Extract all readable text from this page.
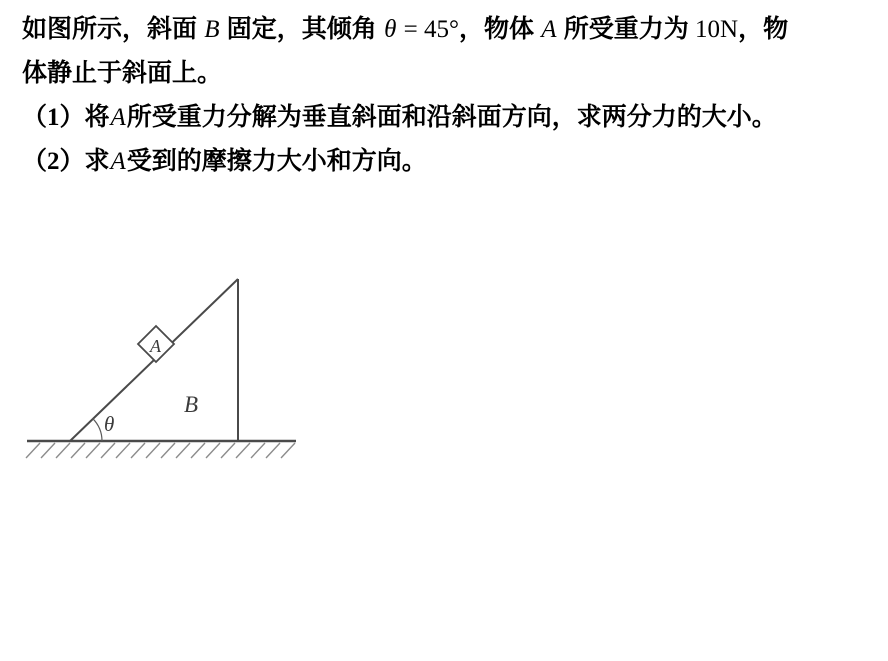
如图所示，斜面 B 固定，其倾角 θ = 45°，物体 A 所受重力为 10N，物
体静止于斜面上。
（1）将A所受重力分解为垂直斜面和沿斜面方向，求两分力的大小。
（2）求A受到的摩擦力大小和方向。
A
B
θ
